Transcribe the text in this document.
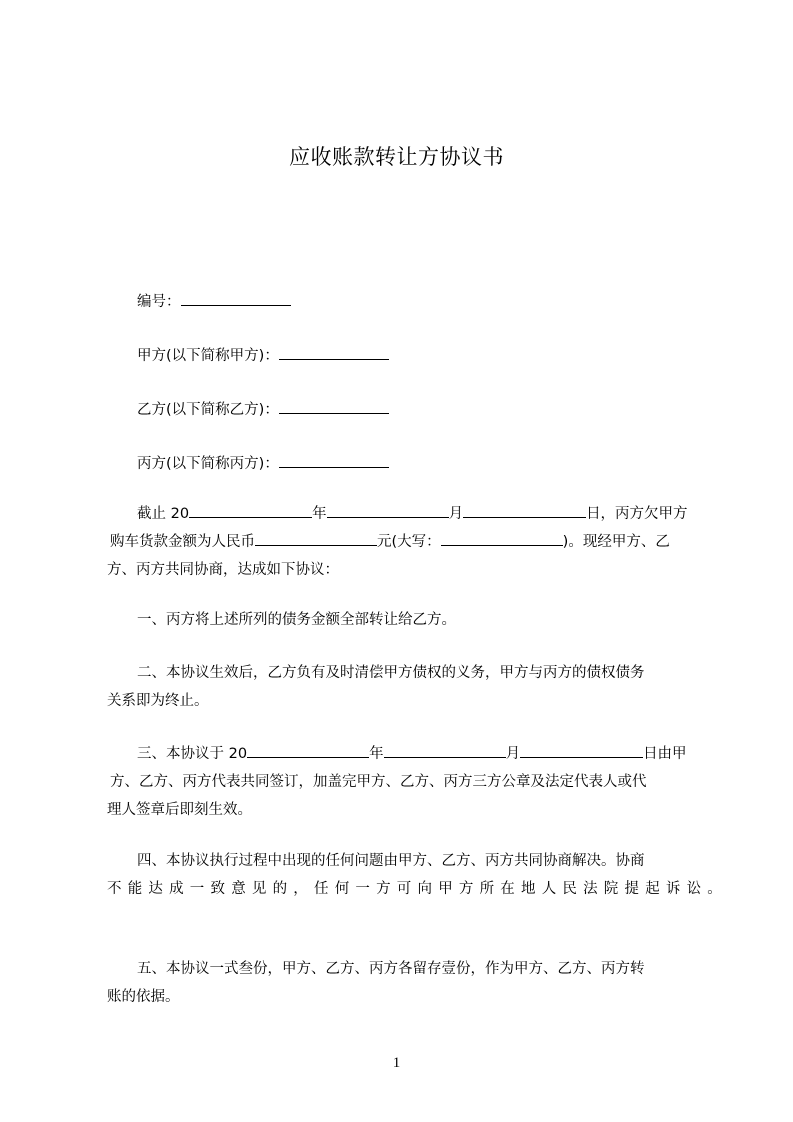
应收账款转让方协议书
编号：
甲方(以下简称甲方)：
乙方(以下简称乙方)：
丙方(以下简称丙方)：
截止 20	年	月	日，丙方欠甲方
购车货款金额为人民币	元(大写：	)。现经甲方、乙
方、丙方共同协商，达成如下协议：
一、丙方将上述所列的债务金额全部转让给乙方。
二、本协议生效后，乙方负有及时清偿甲方债权的义务，甲方与丙方的债权债务
关系即为终止。
三、本协议于 20	年	月	日由甲
方、乙方、丙方代表共同签订，加盖完甲方、乙方、丙方三方公章及法定代表人或代
理人签章后即刻生效。
四、本协议执行过程中出现的任何问题由甲方、乙方、丙方共同协商解决。协商
不能达成一致意见的，任何一方可向甲方所在地人民法院提起诉讼。
五、本协议一式叁份，甲方、乙方、丙方各留存壹份，作为甲方、乙方、丙方转
账的依据。
1
